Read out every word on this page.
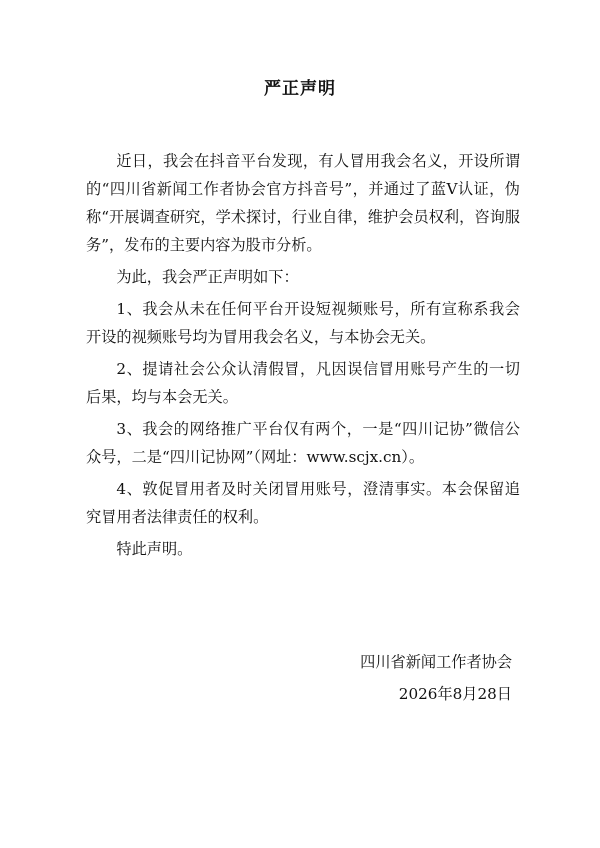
严正声明

近日，我会在抖音平台发现，有人冒用我会名义，开设所谓的“四川省新闻工作者协会官方抖音号”，并通过了蓝Ⅴ认证，伪称“开展调查研究，学术探讨，行业自律，维护会员权利，咨询服务”，发布的主要内容为股市分析。

为此，我会严正声明如下：

1、我会从未在任何平台开设短视频账号，所有宣称系我会开设的视频账号均为冒用我会名义，与本协会无关。

2、提请社会公众认清假冒，凡因误信冒用账号产生的一切后果，均与本会无关。

3、我会的网络推广平台仅有两个，一是“四川记协”微信公众号，二是“四川记协网”（网址：www.scjx.cn）。

4、敦促冒用者及时关闭冒用账号，澄清事实。本会保留追究冒用者法律责任的权利。

特此声明。

四川省新闻工作者协会
2026年8月28日
